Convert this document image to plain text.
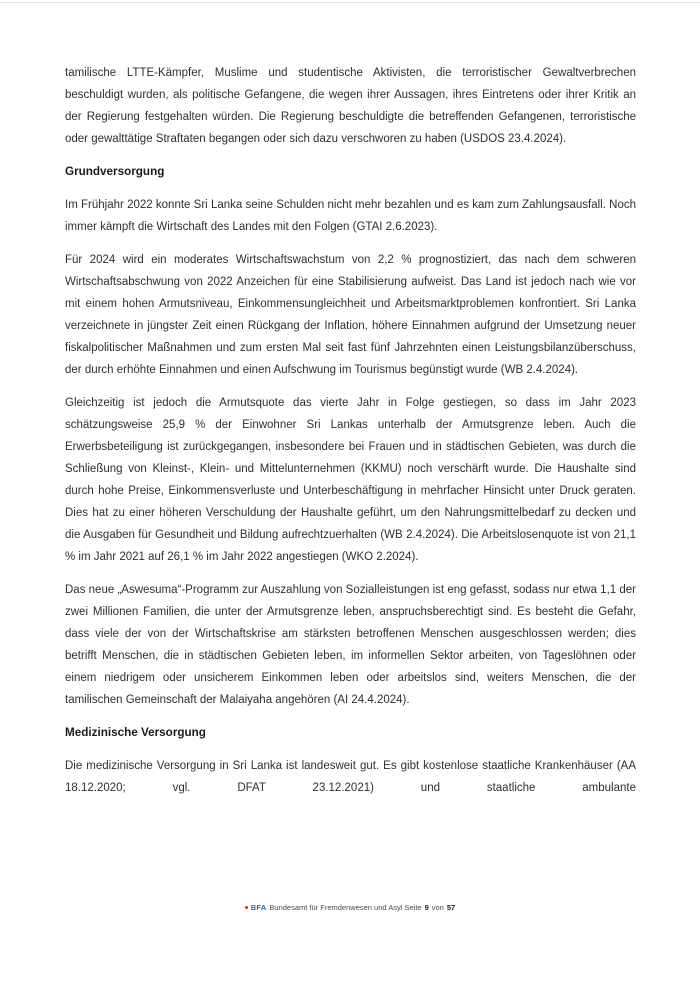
tamilische LTTE-Kämpfer, Muslime und studentische Aktivisten, die terroristischer Gewaltverbrechen beschuldigt wurden, als politische Gefangene, die wegen ihrer Aussagen, ihres Eintretens oder ihrer Kritik an der Regierung festgehalten würden. Die Regierung beschuldigte die betreffenden Gefangenen, terroristische oder gewalttätige Straftaten begangen oder sich dazu verschworen zu haben (USDOS 23.4.2024).

Grundversorgung

Im Frühjahr 2022 konnte Sri Lanka seine Schulden nicht mehr bezahlen und es kam zum Zahlungsausfall. Noch immer kämpft die Wirtschaft des Landes mit den Folgen (GTAI 2.6.2023).

Für 2024 wird ein moderates Wirtschaftswachstum von 2,2 % prognostiziert, das nach dem schweren Wirtschaftsabschwung von 2022 Anzeichen für eine Stabilisierung aufweist. Das Land ist jedoch nach wie vor mit einem hohen Armutsniveau, Einkommensungleichheit und Arbeitsmarktproblemen konfrontiert. Sri Lanka verzeichnete in jüngster Zeit einen Rückgang der Inflation, höhere Einnahmen aufgrund der Umsetzung neuer fiskalpolitischer Maßnahmen und zum ersten Mal seit fast fünf Jahrzehnten einen Leistungsbilanzüberschuss, der durch erhöhte Einnahmen und einen Aufschwung im Tourismus begünstigt wurde (WB 2.4.2024).

Gleichzeitig ist jedoch die Armutsquote das vierte Jahr in Folge gestiegen, so dass im Jahr 2023 schätzungsweise 25,9 % der Einwohner Sri Lankas unterhalb der Armutsgrenze leben. Auch die Erwerbsbeteiligung ist zurückgegangen, insbesondere bei Frauen und in städtischen Gebieten, was durch die Schließung von Kleinst-, Klein- und Mittelunternehmen (KKMU) noch verschärft wurde. Die Haushalte sind durch hohe Preise, Einkommensverluste und Unterbeschäftigung in mehrfacher Hinsicht unter Druck geraten. Dies hat zu einer höheren Verschuldung der Haushalte geführt, um den Nahrungsmittelbedarf zu decken und die Ausgaben für Gesundheit und Bildung aufrechtzuerhalten (WB 2.4.2024). Die Arbeitslosenquote ist von 21,1 % im Jahr 2021 auf 26,1 % im Jahr 2022 angestiegen (WKO 2.2024).

Das neue „Aswesuma“-Programm zur Auszahlung von Sozialleistungen ist eng gefasst, sodass nur etwa 1,1 der zwei Millionen Familien, die unter der Armutsgrenze leben, anspruchsberechtigt sind. Es besteht die Gefahr, dass viele der von der Wirtschaftskrise am stärksten betroffenen Menschen ausgeschlossen werden; dies betrifft Menschen, die in städtischen Gebieten leben, im informellen Sektor arbeiten, von Tageslöhnen oder einem niedrigem oder unsicherem Einkommen leben oder arbeitslos sind, weiters Menschen, die der tamilischen Gemeinschaft der Malaiyaha angehören (AI 24.4.2024).

Medizinische Versorgung

Die medizinische Versorgung in Sri Lanka ist landesweit gut. Es gibt kostenlose staatliche Krankenhäuser (AA 18.12.2020; vgl. DFAT 23.12.2021) und staatliche ambulante

BFA Bundesamt für Fremdenwesen und Asyl Seite 9 von 57
